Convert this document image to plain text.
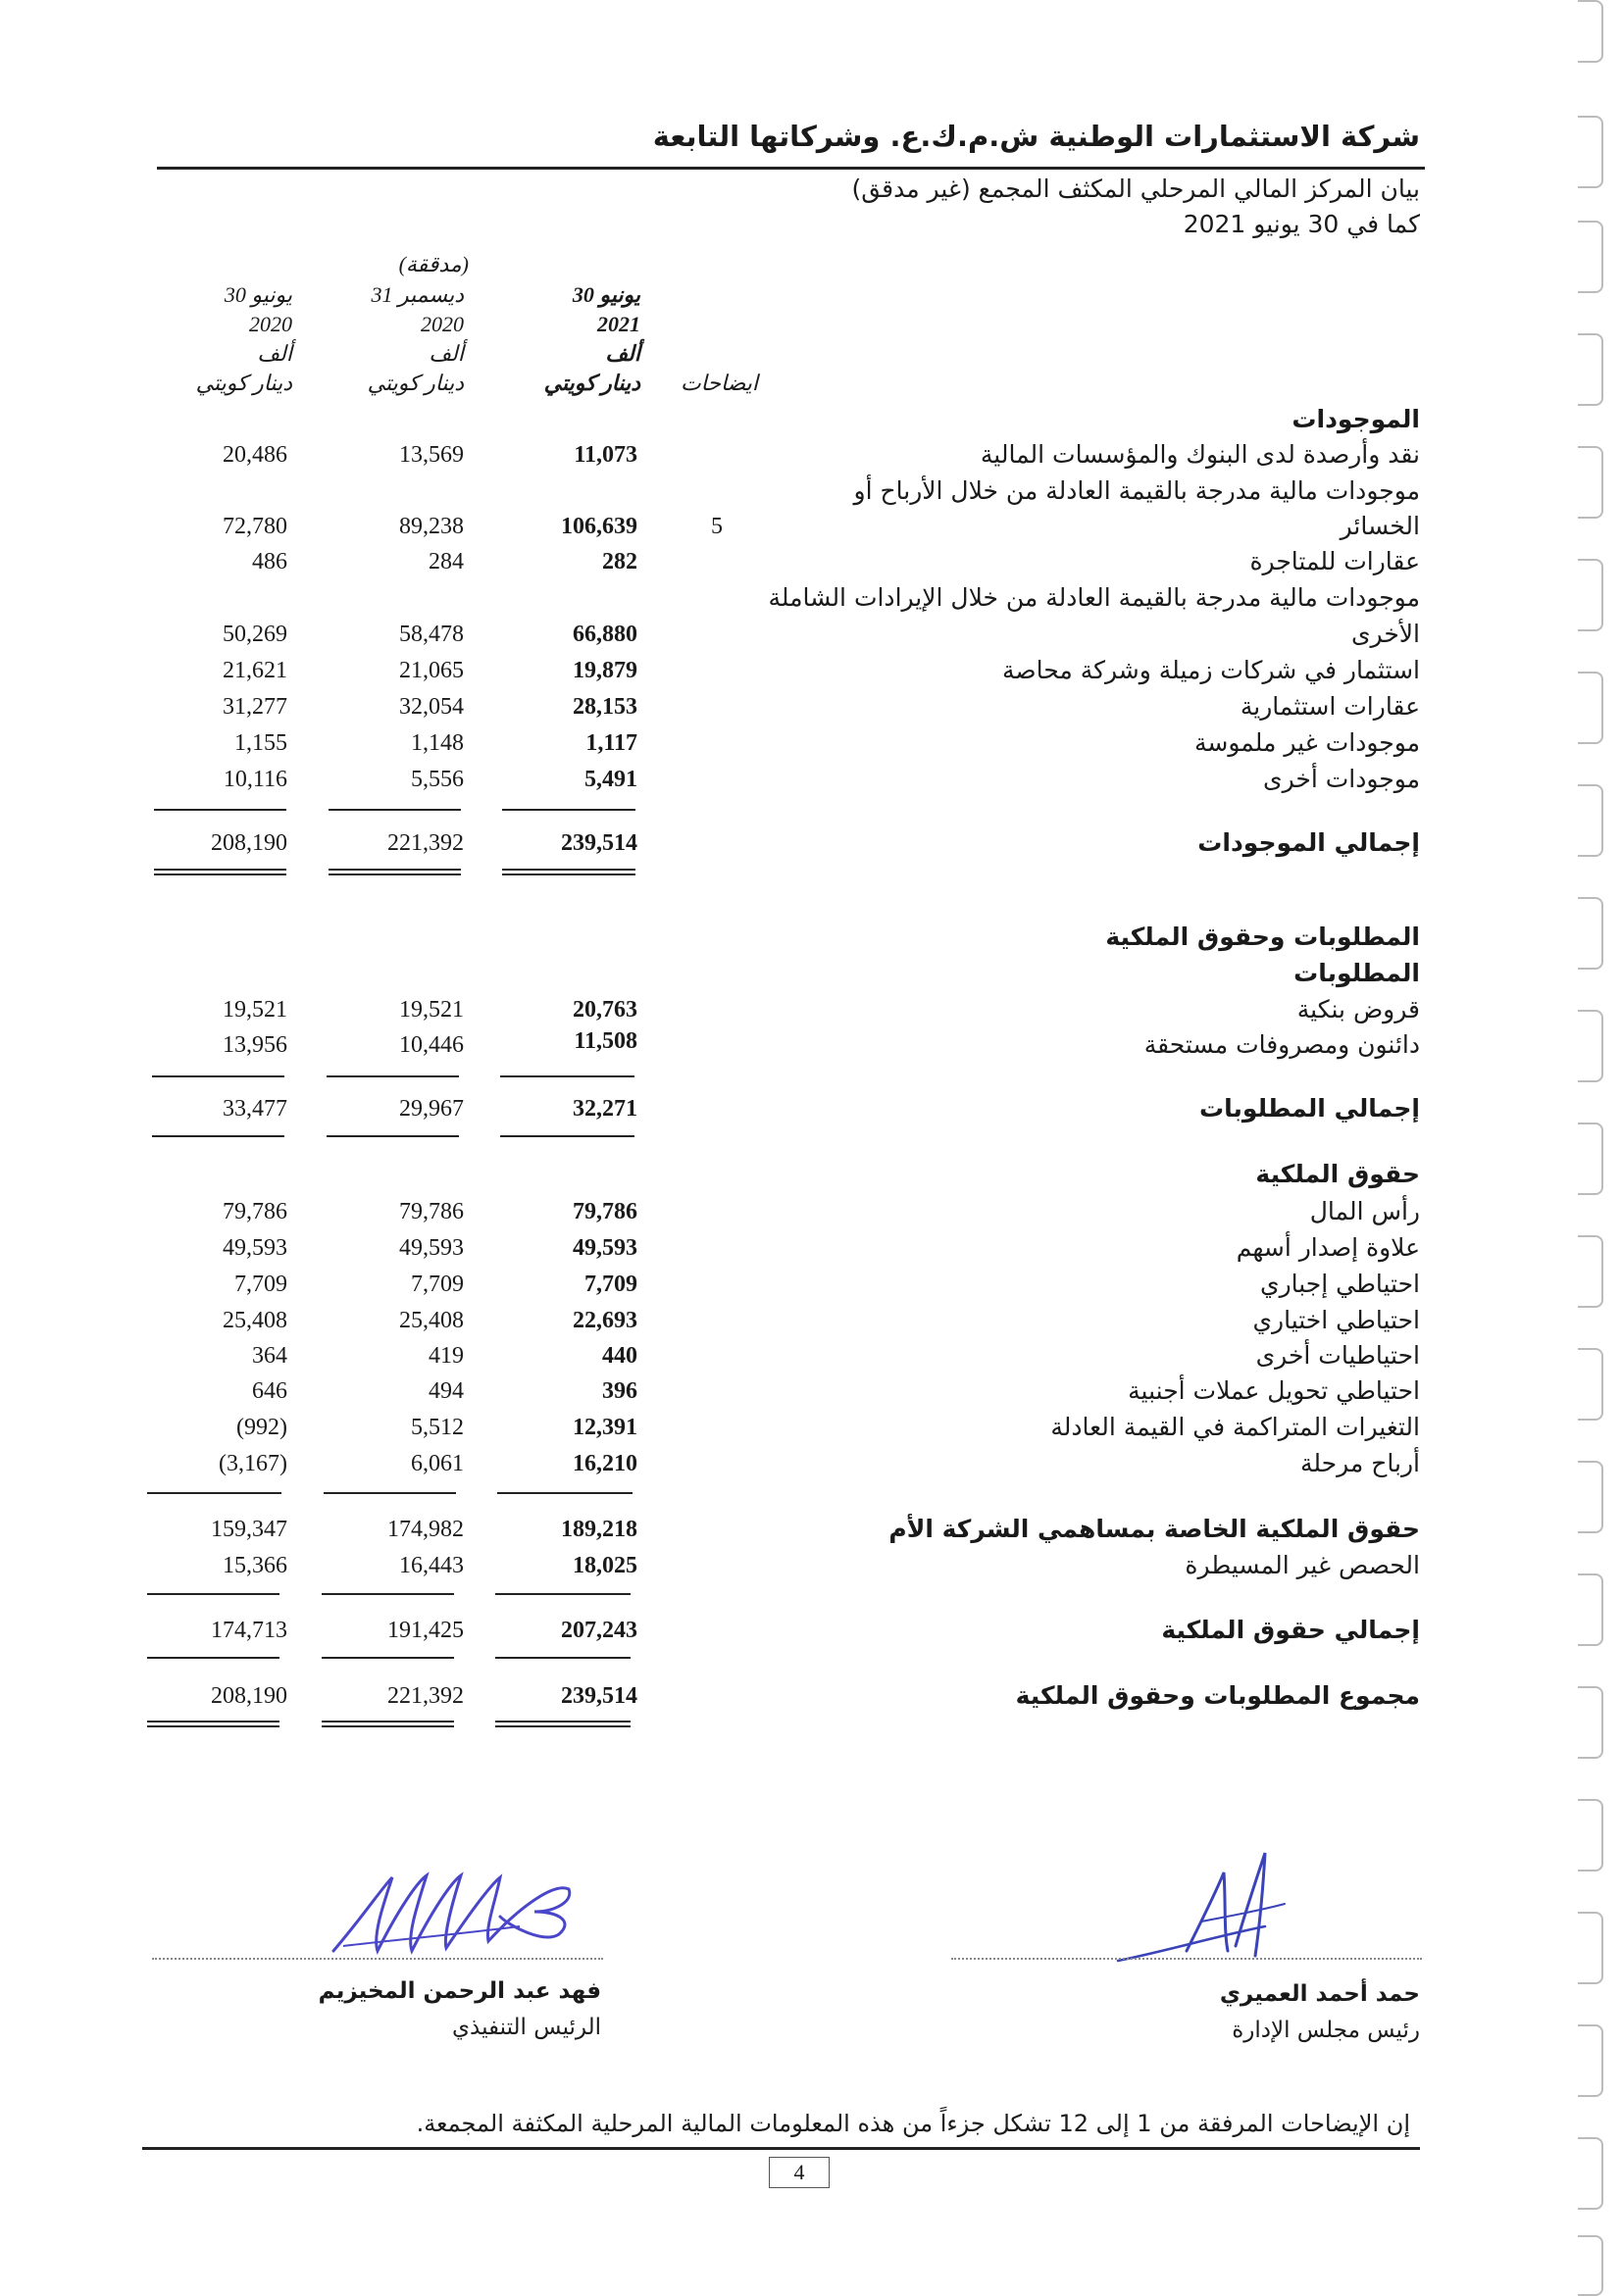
شركة الاستثمارات الوطنية ش.م.ك.ع. وشركاتها التابعة
بيان المركز المالي المرحلي المكثف المجمع (غير مدقق)
كما في 30 يونيو 2021
(مدققة)
30 يونيو
2021
ألف
دينار كويتي
31 ديسمبر
2020
ألف
دينار كويتي
30 يونيو
2020
ألف
دينار كويتي	ايضاحات
الموجودات
نقد وأرصدة لدى البنوك والمؤسسات المالية
11,073
13,569
20,486
موجودات مالية مدرجة بالقيمة العادلة من خلال الأرباح أو
الخسائر
5
106,639
89,238
72,780
عقارات للمتاجرة
282
284
486
موجودات مالية مدرجة بالقيمة العادلة من خلال الإيرادات الشاملة
الأخرى
66,880
58,478
50,269
استثمار في شركات زميلة وشركة محاصة
19,879
21,065
21,621
عقارات استثمارية
28,153
32,054
31,277
موجودات غير ملموسة
1,117
1,148
1,155
موجودات أخرى
5,491
5,556
10,116
إجمالي الموجودات
239,514
221,392
208,190
المطلوبات وحقوق الملكية
المطلوبات
قروض بنكية
20,763
19,521
19,521
دائنون ومصروفات مستحقة
11,508
10,446
13,956
إجمالي المطلوبات
32,271
29,967
33,477
حقوق الملكية
رأس المال
79,786
79,786
79,786
علاوة إصدار أسهم
49,593
49,593
49,593
احتياطي إجباري
7,709
7,709
7,709
احتياطي اختياري
22,693
25,408
25,408
احتياطيات أخرى
440
419
364
احتياطي تحويل عملات أجنبية
396
494
646
التغيرات المتراكمة في القيمة العادلة
12,391
5,512
(992)
أرباح مرحلة
16,210
6,061
(3,167)
حقوق الملكية الخاصة بمساهمي الشركة الأم
189,218
174,982
159,347
الحصص غير المسيطرة
18,025
16,443
15,366
إجمالي حقوق الملكية
207,243
191,425
174,713
مجموع المطلوبات وحقوق الملكية
239,514
221,392
208,190
فهد عبد الرحمن المخيزيم
الرئيس التنفيذي
حمد أحمد العميري
رئيس مجلس الإدارة
إن الإيضاحات المرفقة من 1 إلى 12 تشكل جزءاً من هذه المعلومات المالية المرحلية المكثفة المجمعة.
4
